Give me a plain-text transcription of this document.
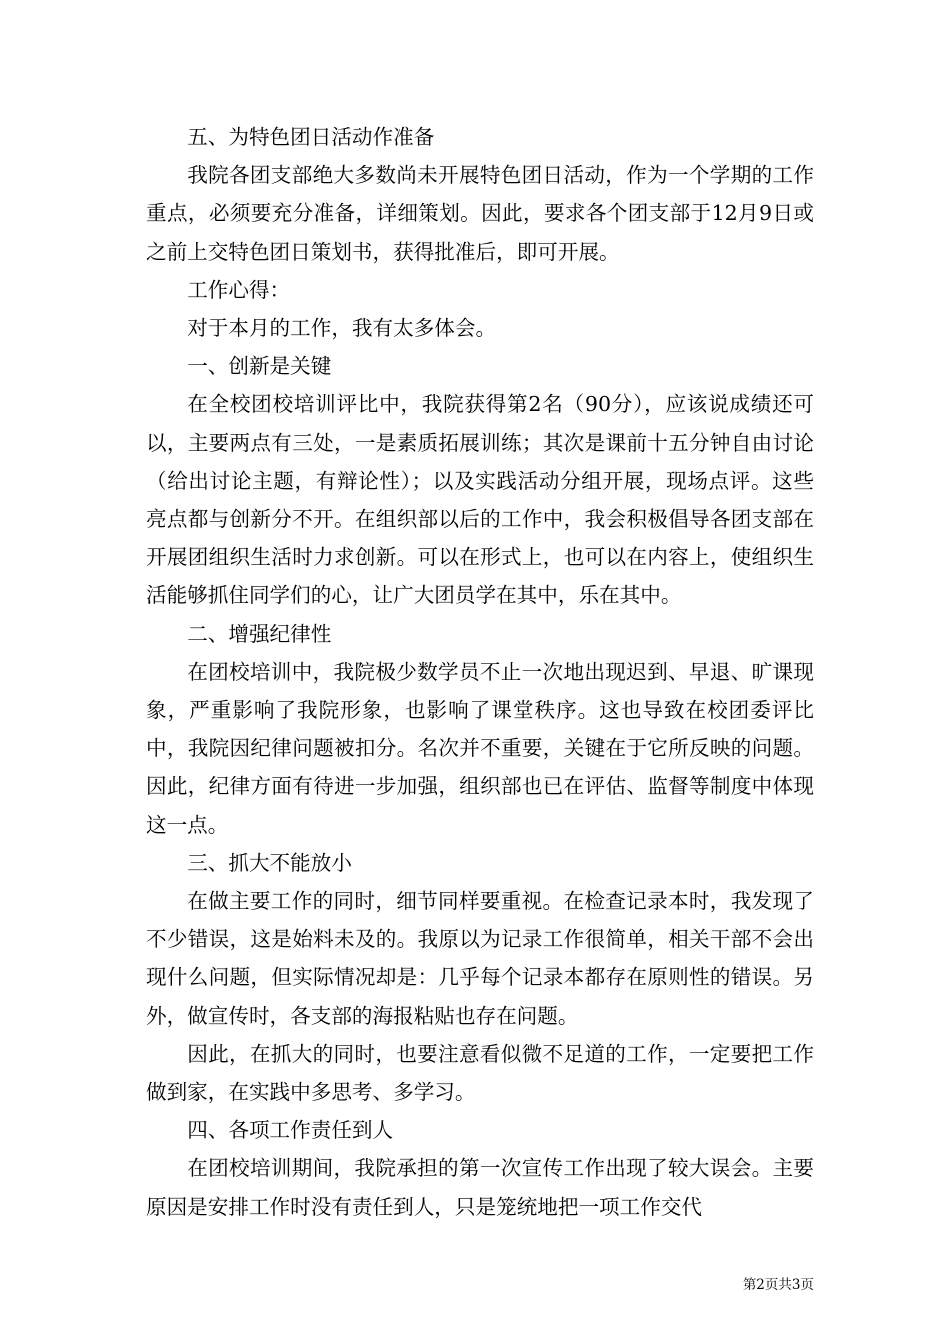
五、为特色团日活动作准备

我院各团支部绝大多数尚未开展特色团日活动，作为一个学期的工作重点，必须要充分准备，详细策划。因此，要求各个团支部于12月9日或之前上交特色团日策划书，获得批准后，即可开展。

工作心得：

对于本月的工作，我有太多体会。

一、创新是关键

在全校团校培训评比中，我院获得第2名（90分），应该说成绩还可以，主要两点有三处，一是素质拓展训练；其次是课前十五分钟自由讨论（给出讨论主题，有辩论性）；以及实践活动分组开展，现场点评。这些亮点都与创新分不开。在组织部以后的工作中，我会积极倡导各团支部在开展团组织生活时力求创新。可以在形式上，也可以在内容上，使组织生活能够抓住同学们的心，让广大团员学在其中，乐在其中。

二、增强纪律性

在团校培训中，我院极少数学员不止一次地出现迟到、早退、旷课现象，严重影响了我院形象，也影响了课堂秩序。这也导致在校团委评比中，我院因纪律问题被扣分。名次并不重要，关键在于它所反映的问题。因此，纪律方面有待进一步加强，组织部也已在评估、监督等制度中体现这一点。

三、抓大不能放小

在做主要工作的同时，细节同样要重视。在检查记录本时，我发现了不少错误，这是始料未及的。我原以为记录工作很简单，相关干部不会出现什么问题，但实际情况却是：几乎每个记录本都存在原则性的错误。另外，做宣传时，各支部的海报粘贴也存在问题。

因此，在抓大的同时，也要注意看似微不足道的工作，一定要把工作做到家，在实践中多思考、多学习。

四、各项工作责任到人

在团校培训期间，我院承担的第一次宣传工作出现了较大误会。主要原因是安排工作时没有责任到人，只是笼统地把一项工作交代

第2页共3页
